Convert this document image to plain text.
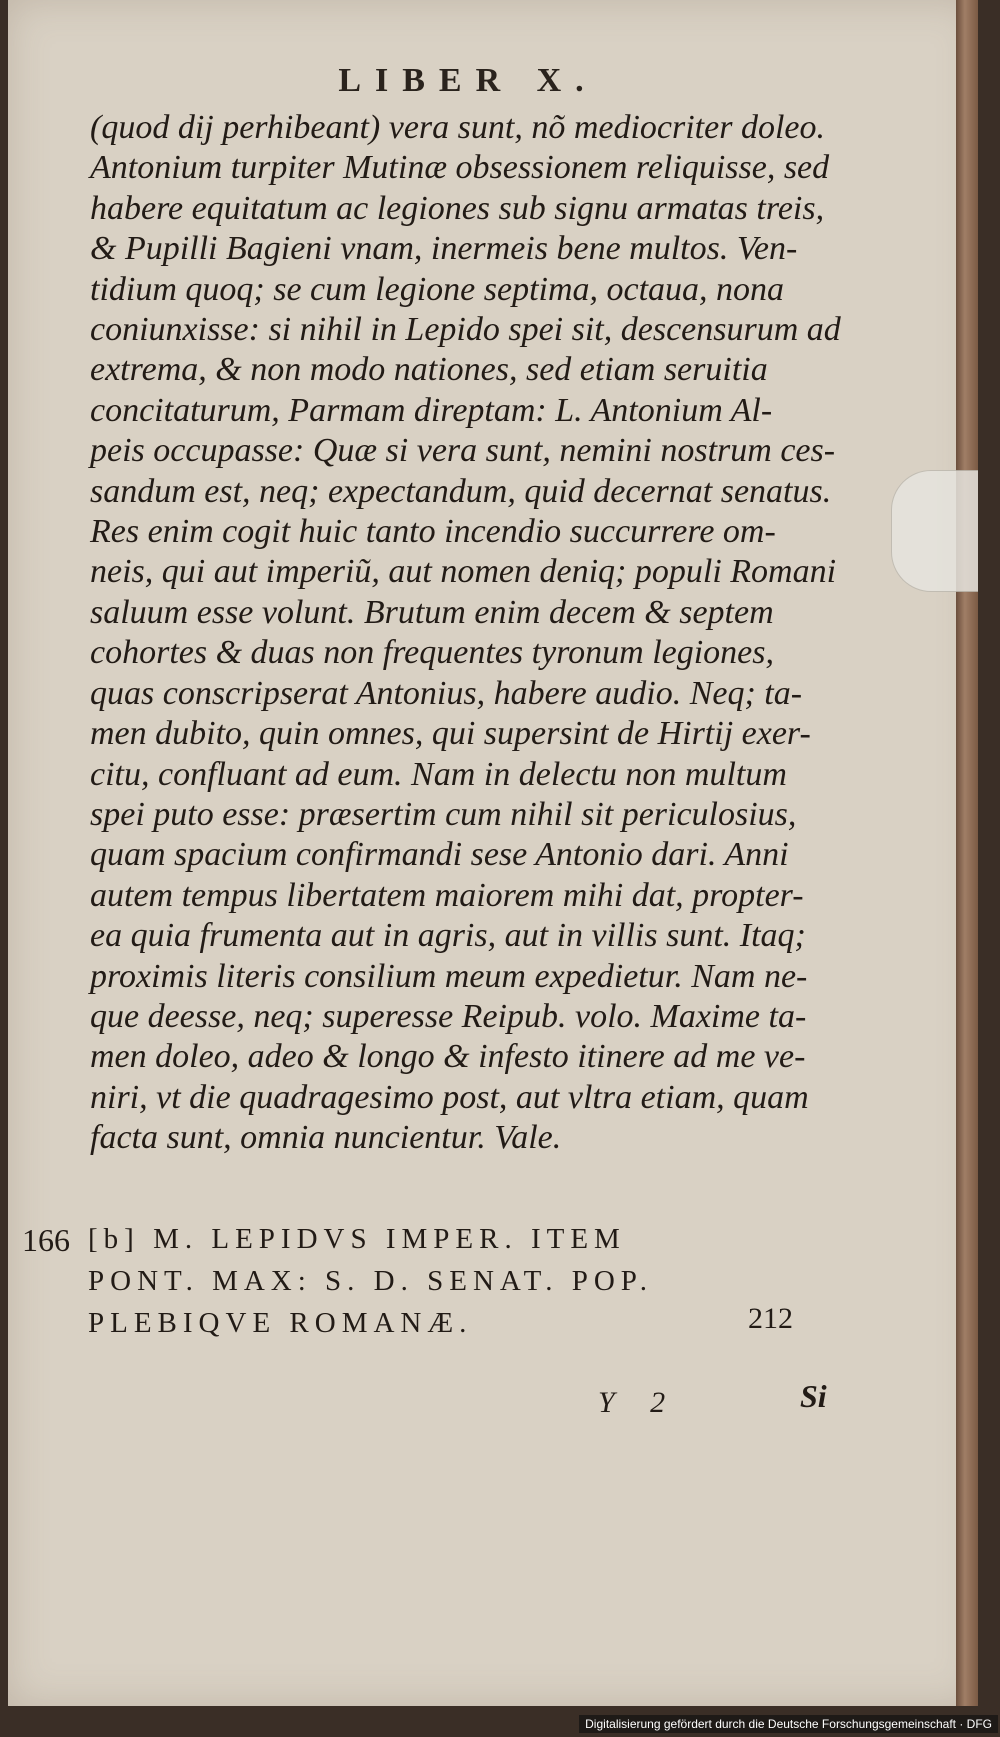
LIBER X.
(quod dij perhibeant) vera sunt, nõ mediocriter doleo.
Antonium turpiter Mutinæ obsessionem reliquisse, sed
habere equitatum ac legiones sub signu armatas treis,
& Pupilli Bagieni vnam, inermeis bene multos. Ven-
tidium quoq; se cum legione septima, octaua, nona
coniunxisse: si nihil in Lepido spei sit, descensurum ad
extrema, & non modo nationes, sed etiam seruitia
concitaturum, Parmam direptam: L. Antonium Al-
peis occupasse: Quæ si vera sunt, nemini nostrum ces-
sandum est, neq; expectandum, quid decernat senatus.
Res enim cogit huic tanto incendio succurrere om-
neis, qui aut imperiũ, aut nomen deniq; populi Romani
saluum esse volunt. Brutum enim decem & septem
cohortes & duas non frequentes tyronum legiones,
quas conscripserat Antonius, habere audio. Neq; ta-
men dubito, quin omnes, qui supersint de Hirtij exer-
citu, confluant ad eum. Nam in delectu non multum
spei puto esse: præsertim cum nihil sit periculosius,
quam spacium confirmandi sese Antonio dari. Anni
autem tempus libertatem maiorem mihi dat, propter-
ea quia frumenta aut in agris, aut in villis sunt. Itaq;
proximis literis consilium meum expedietur. Nam ne-
que deesse, neq; superesse Reipub. volo. Maxime ta-
men doleo, adeo & longo & infesto itinere ad me ve-
niri, vt die quadragesimo post, aut vltra etiam, quam
facta sunt, omnia nuncientur. Vale.
166 [b] M. LEPIDVS IMPER. ITEM
PONT. MAX: S. D. SENAT. POP.
PLEBIQVE ROMANÆ.	212
Y 2	Si
Digitalisierung gefördert durch die Deutsche Forschungsgemeinschaft · DFG
